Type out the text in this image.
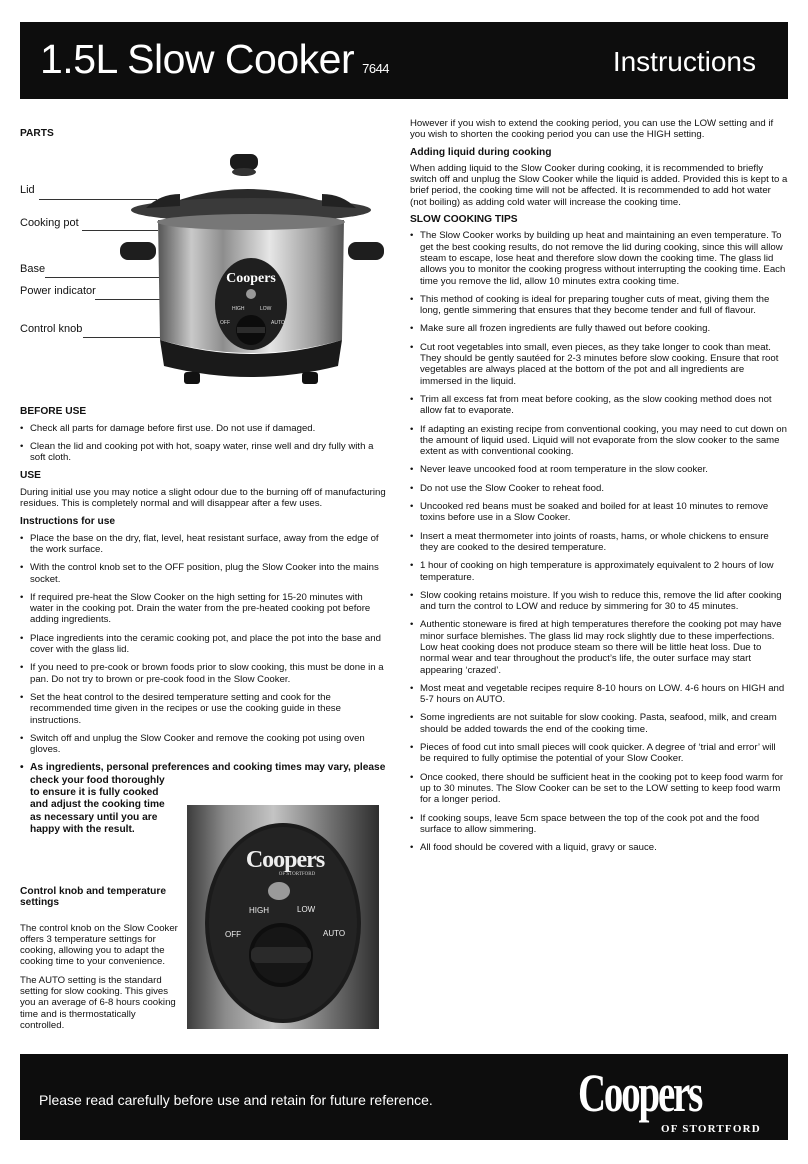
1.5L Slow Cooker 7644	Instructions
PARTS
Lid
Cooking pot
Base
Power indicator
Control knob
Coopers
HIGH	LOW
OFF	AUTO
BEFORE USE
• Check all parts for damage before first use. Do not use if damaged.
• Clean the lid and cooking pot with hot, soapy water, rinse well and dry fully with a soft cloth.
USE

During initial use you may notice a slight odour due to the burning off of manufacturing residues. This is completely normal and will disappear after a few uses.

Instructions for use
• Place the base on the dry, flat, level, heat resistant surface, away from the edge of the work surface.
• With the control knob set to the OFF position, plug the Slow Cooker into the mains socket.
• If required pre-heat the Slow Cooker on the high setting for 15-20 minutes with water in the cooking pot. Drain the water from the pre-heated cooking pot before adding ingredients.
• Place ingredients into the ceramic cooking pot, and place the pot into the base and cover with the glass lid.
• If you need to pre-cook or brown foods prior to slow cooking, this must be done in a pan. Do not try to brown or pre-cook food in the Slow Cooker.
• Set the heat control to the desired temperature setting and cook for the recommended time given in the recipes or use the cooking guide in these instructions.
• Switch off and unplug the Slow Cooker and remove the cooking pot using oven gloves.
• As ingredients, personal preferences and cooking times may vary, please
check your food thoroughly to ensure it is fully cooked and adjust the cooking time as necessary until you are happy with the result.
Control knob and temperature settings

The control knob on the Slow Cooker offers 3 temperature settings for cooking, allowing you to adapt the cooking time to your convenience.

The AUTO setting is the standard setting for slow cooking. This gives you an average of 6-8 hours cooking time and is thermostatically controlled.

Coopers
OF STORTFORD
HIGH	LOW
OFF	AUTO

However if you wish to extend the cooking period, you can use the LOW setting and if you wish to shorten the cooking period you can use the HIGH setting.

Adding liquid during cooking

When adding liquid to the Slow Cooker during cooking, it is recommended to briefly switch off and unplug the Slow Cooker while the liquid is added. Provided this is kept to a brief period, the cooking time will not be affected. It is recommended to add hot water (not boiling) as adding cold water will increase the cooking time.

SLOW COOKING TIPS
• The Slow Cooker works by building up heat and maintaining an even temperature. To get the best cooking results, do not remove the lid during cooking, since this will allow steam to escape, lose heat and therefore slow down the cooking time. The glass lid allows you to monitor the cooking progress without interrupting the cooking time. Each time you remove the lid, allow 10 minutes extra cooking time.
• This method of cooking is ideal for preparing tougher cuts of meat, giving them the long, gentle simmering that ensures that they become tender and full of flavour.
• Make sure all frozen ingredients are fully thawed out before cooking.
• Cut root vegetables into small, even pieces, as they take longer to cook than meat. They should be gently sautéed for 2-3 minutes before slow cooking. Ensure that root vegetables are always placed at the bottom of the pot and all ingredients are immersed in the liquid.
• Trim all excess fat from meat before cooking, as the slow cooking method does not allow fat to evaporate.
• If adapting an existing recipe from conventional cooking, you may need to cut down on the amount of liquid used. Liquid will not evaporate from the slow cooker to the same extent as with conventional cooking.
• Never leave uncooked food at room temperature in the slow cooker.
• Do not use the Slow Cooker to reheat food.
• Uncooked red beans must be soaked and boiled for at least 10 minutes to remove toxins before use in a Slow Cooker.
• Insert a meat thermometer into joints of roasts, hams, or whole chickens to ensure they are cooked to the desired temperature.
• 1 hour of cooking on high temperature is approximately equivalent to 2 hours of low temperature.
• Slow cooking retains moisture. If you wish to reduce this, remove the lid after cooking and turn the control to LOW and reduce by simmering for 30 to 45 minutes.
• Authentic stoneware is fired at high temperatures therefore the cooking pot may have minor surface blemishes. The glass lid may rock slightly due to these imperfections. Low heat cooking does not produce steam so there will be little heat loss. Due to normal wear and tear throughout the product’s life, the outer surface may start appearing ‘crazed’.
• Most meat and vegetable recipes require 8-10 hours on LOW. 4-6 hours on HIGH and 5-7 hours on AUTO.
• Some ingredients are not suitable for slow cooking. Pasta, seafood, milk, and cream should be added towards the end of the cooking time.
• Pieces of food cut into small pieces will cook quicker. A degree of ‘trial and error’ will be required to fully optimise the potential of your Slow Cooker.
• Once cooked, there should be sufficient heat in the cooking pot to keep food warm for up to 30 minutes. The Slow Cooker can be set to the LOW setting to keep food warm for a longer period.
• If cooking soups, leave 5cm space between the top of the cook pot and the food surface to allow simmering.
• All food should be covered with a liquid, gravy or sauce.
Please read carefully before use and retain for future reference.	Coopers
OF STORTFORD
